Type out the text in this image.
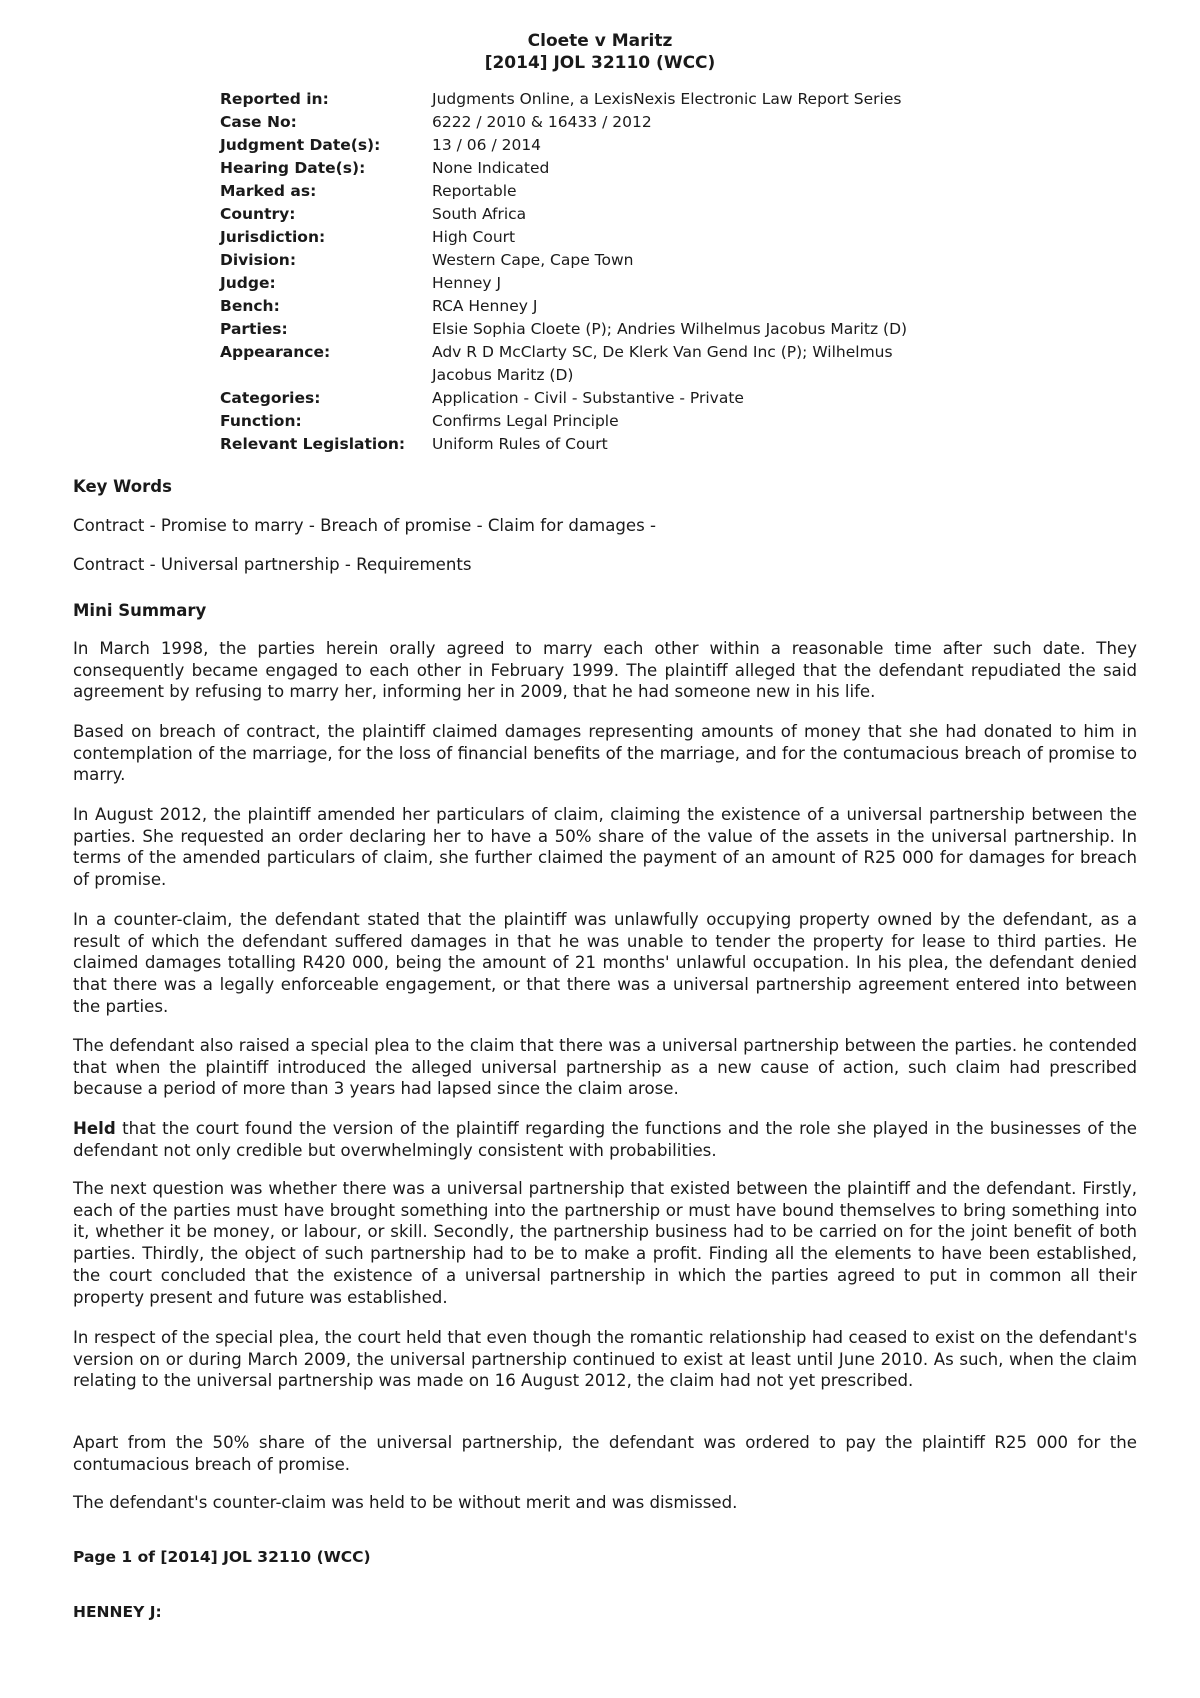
Cloete v Maritz
[2014] JOL 32110 (WCC)
Reported in:	Judgments Online, a LexisNexis Electronic Law Report Series
Case No:	6222 / 2010 & 16433 / 2012
Judgment Date(s):	13 / 06 / 2014
Hearing Date(s):	None Indicated
Marked as:	Reportable
Country:	South Africa
Jurisdiction:	High Court
Division:	Western Cape, Cape Town
Judge:	Henney J
Bench:	RCA Henney J
Parties:	Elsie Sophia Cloete (P); Andries Wilhelmus Jacobus Maritz (D)
Appearance:	Adv R D McClarty SC, De Klerk Van Gend Inc (P); Wilhelmus Jacobus Maritz (D)
Categories:	Application - Civil - Substantive - Private
Function:	Confirms Legal Principle
Relevant Legislation:	Uniform Rules of Court
Key Words

Contract - Promise to marry - Breach of promise - Claim for damages -

Contract - Universal partnership - Requirements

Mini Summary

In March 1998, the parties herein orally agreed to marry each other within a reasonable time after such date. They consequently became engaged to each other in February 1999. The plaintiff alleged that the defendant repudiated the said agreement by refusing to marry her, informing her in 2009, that he had someone new in his life.

Based on breach of contract, the plaintiff claimed damages representing amounts of money that she had donated to him in contemplation of the marriage, for the loss of financial benefits of the marriage, and for the contumacious breach of promise to marry.

In August 2012, the plaintiff amended her particulars of claim, claiming the existence of a universal partnership between the parties. She requested an order declaring her to have a 50% share of the value of the assets in the universal partnership. In terms of the amended particulars of claim, she further claimed the payment of an amount of R25 000 for damages for breach of promise.

In a counter-claim, the defendant stated that the plaintiff was unlawfully occupying property owned by the defendant, as a result of which the defendant suffered damages in that he was unable to tender the property for lease to third parties. He claimed damages totalling R420 000, being the amount of 21 months' unlawful occupation. In his plea, the defendant denied that there was a legally enforceable engagement, or that there was a universal partnership agreement entered into between the parties.

The defendant also raised a special plea to the claim that there was a universal partnership between the parties. he contended that when the plaintiff introduced the alleged universal partnership as a new cause of action, such claim had prescribed because a period of more than 3 years had lapsed since the claim arose.

Held that the court found the version of the plaintiff regarding the functions and the role she played in the businesses of the defendant not only credible but overwhelmingly consistent with probabilities.

The next question was whether there was a universal partnership that existed between the plaintiff and the defendant. Firstly, each of the parties must have brought something into the partnership or must have bound themselves to bring something into it, whether it be money, or labour, or skill. Secondly, the partnership business had to be carried on for the joint benefit of both parties. Thirdly, the object of such partnership had to be to make a profit. Finding all the elements to have been established, the court concluded that the existence of a universal partnership in which the parties agreed to put in common all their property present and future was established.

In respect of the special plea, the court held that even though the romantic relationship had ceased to exist on the defendant's version on or during March 2009, the universal partnership continued to exist at least until June 2010. As such, when the claim relating to the universal partnership was made on 16 August 2012, the claim had not yet prescribed.

Apart from the 50% share of the universal partnership, the defendant was ordered to pay the plaintiff R25 000 for the contumacious breach of promise.

The defendant's counter-claim was held to be without merit and was dismissed.

Page 1 of [2014] JOL 32110 (WCC)

HENNEY J:
